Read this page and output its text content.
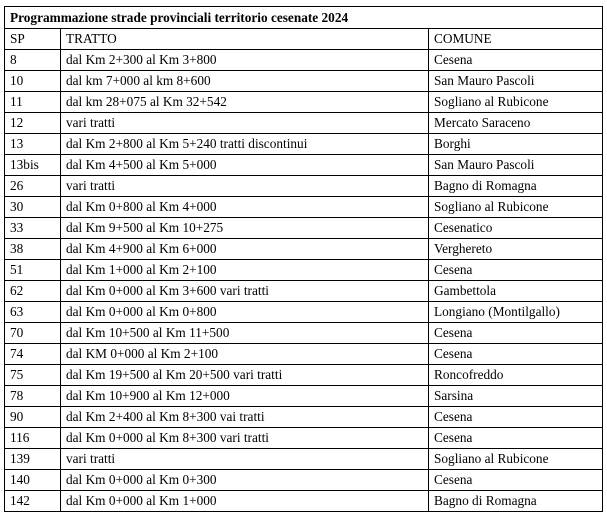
Programmazione strade provinciali territorio cesenate 2024		
SP	TRATTO	COMUNE
8	dal Km 2+300 al Km 3+800	Cesena
10	dal km 7+000 al km 8+600	San Mauro Pascoli
11	dal km 28+075 al Km 32+542	Sogliano al Rubicone
12	vari tratti	Mercato Saraceno
13	dal Km 2+800 al Km 5+240 tratti discontinui	Borghi
13bis	dal Km 4+500 al Km 5+000	San Mauro Pascoli
26	vari tratti	Bagno di Romagna
30	dal Km 0+800 al Km 4+000	Sogliano al Rubicone
33	dal Km 9+500 al Km 10+275	Cesenatico
38	dal Km 4+900 al Km 6+000	Verghereto
51	dal Km 1+000 al Km 2+100	Cesena
62	dal Km 0+000 al Km 3+600 vari tratti	Gambettola
63	dal Km 0+000 al Km 0+800	Longiano (Montilgallo)
70	dal Km 10+500 al Km 11+500	Cesena
74	dal KM 0+000 al Km 2+100	Cesena
75	dal Km 19+500 al Km 20+500 vari tratti	Roncofreddo
78	dal Km 10+900 al Km 12+000	Sarsina
90	dal Km 2+400 al Km 8+300 vai tratti	Cesena
116	dal Km 0+000 al Km 8+300 vari tratti	Cesena
139	vari tratti	Sogliano al Rubicone
140	dal Km 0+000 al Km 0+300	Cesena
142	dal Km 0+000 al Km 1+000	Bagno di Romagna
